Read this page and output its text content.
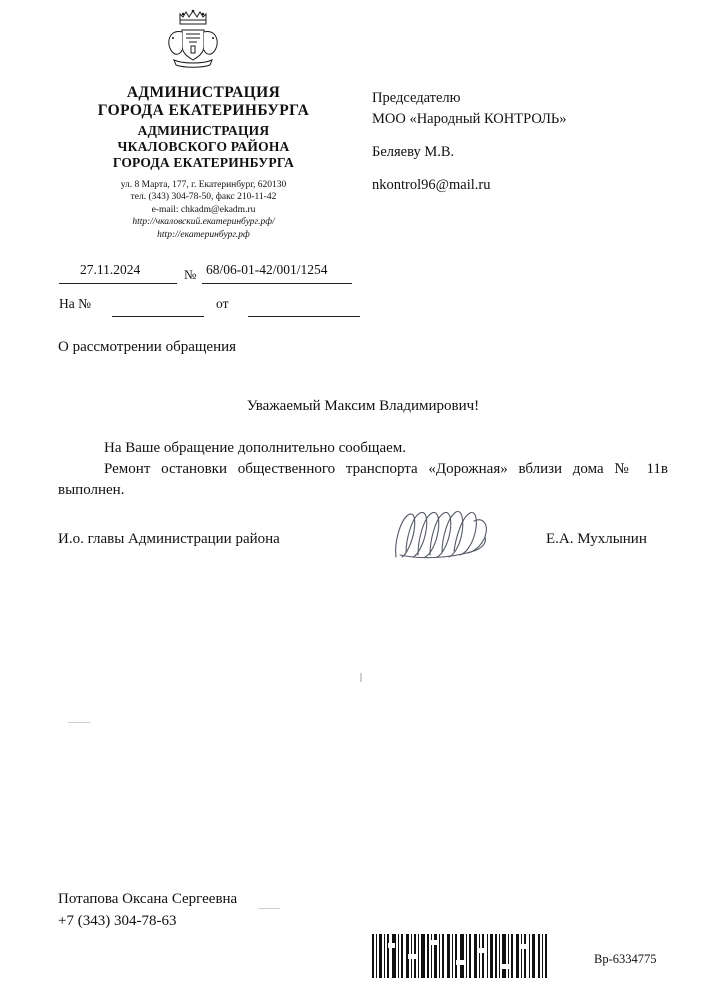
АДМИНИСТРАЦИЯ
ГОРОДА ЕКАТЕРИНБУРГА
АДМИНИСТРАЦИЯ
ЧКАЛОВСКОГО РАЙОНА
ГОРОДА ЕКАТЕРИНБУРГА
ул. 8 Марта, 177, г. Екатеринбург, 620130
тел. (343) 304-78-50, факс 210-11-42
e-mail: chkadm@ekadm.ru
http://чкаловский.екатеринбург.рф/
http://екатеринбург.рф
Председателю
МОО «Народный КОНТРОЛЬ»
Беляеву М.В.
nkontrol96@mail.ru
27.11.2024	№ 68/06-01-42/001/1254
На №	от
О рассмотрении обращения
Уважаемый Максим Владимирович!

На Ваше обращение дополнительно сообщаем.

Ремонт остановки общественного транспорта «Дорожная» вблизи дома № 11в выполнен.

И.о. главы Администрации района	Е.А. Мухлынин
Потапова Оксана Сергеевна
+7 (343) 304-78-63
Вр-6334775
